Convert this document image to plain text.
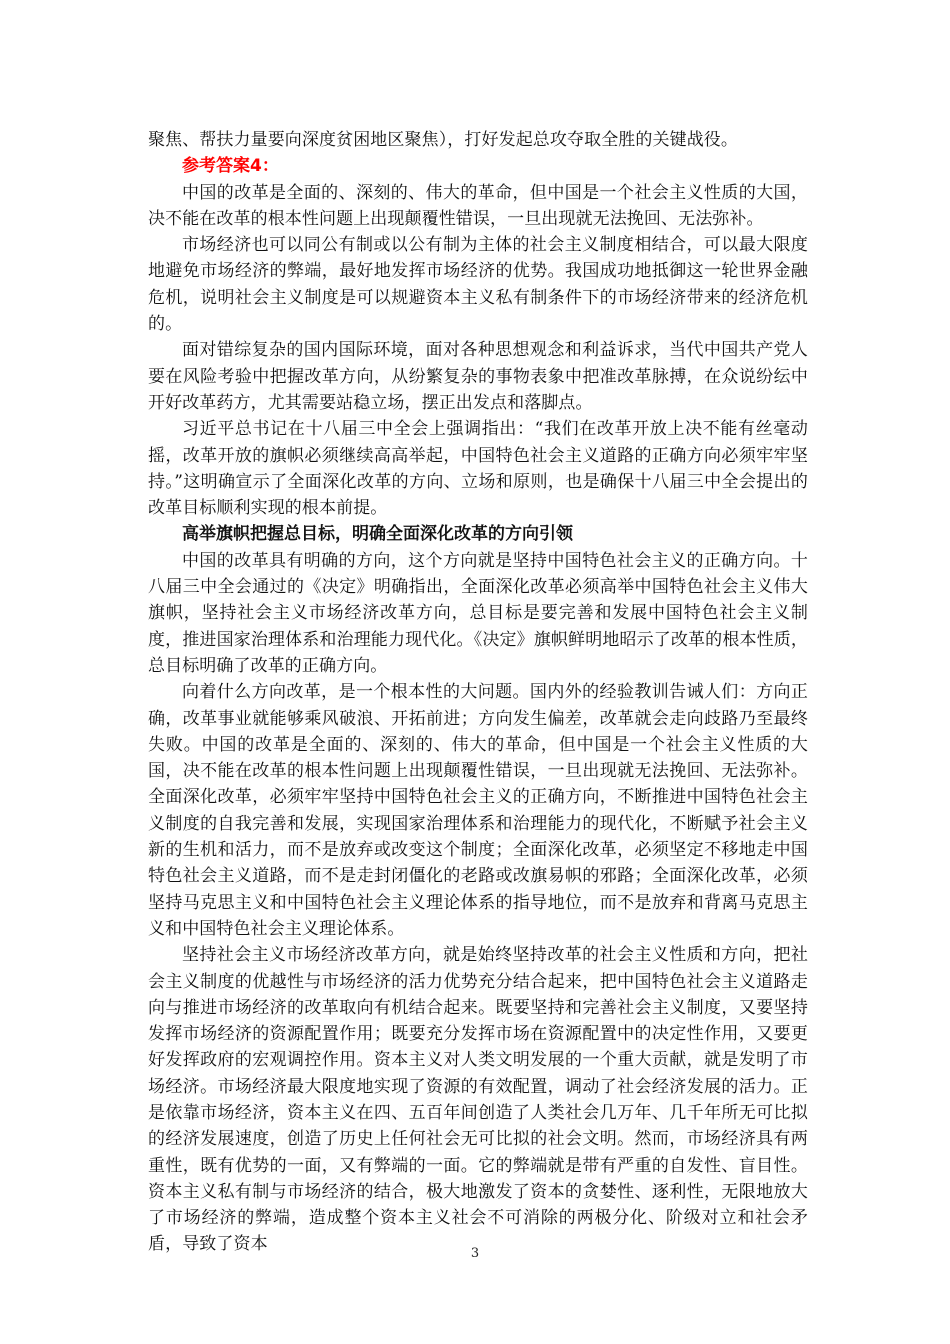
聚焦、帮扶力量要向深度贫困地区聚焦），打好发起总攻夺取全胜的关键战役。

参考答案4：

中国的改革是全面的、深刻的、伟大的革命，但中国是一个社会主义性质的大国，决不能在改革的根本性问题上出现颠覆性错误，一旦出现就无法挽回、无法弥补。

市场经济也可以同公有制或以公有制为主体的社会主义制度相结合，可以最大限度地避免市场经济的弊端，最好地发挥市场经济的优势。我国成功地抵御这一轮世界金融危机，说明社会主义制度是可以规避资本主义私有制条件下的市场经济带来的经济危机的。

面对错综复杂的国内国际环境，面对各种思想观念和利益诉求，当代中国共产党人要在风险考验中把握改革方向，从纷繁复杂的事物表象中把准改革脉搏，在众说纷纭中开好改革药方，尤其需要站稳立场，摆正出发点和落脚点。

习近平总书记在十八届三中全会上强调指出：“我们在改革开放上决不能有丝毫动摇，改革开放的旗帜必须继续高高举起，中国特色社会主义道路的正确方向必须牢牢坚持。”这明确宣示了全面深化改革的方向、立场和原则，也是确保十八届三中全会提出的改革目标顺利实现的根本前提。

高举旗帜把握总目标，明确全面深化改革的方向引领

中国的改革具有明确的方向，这个方向就是坚持中国特色社会主义的正确方向。十八届三中全会通过的《决定》明确指出，全面深化改革必须高举中国特色社会主义伟大旗帜，坚持社会主义市场经济改革方向，总目标是要完善和发展中国特色社会主义制度，推进国家治理体系和治理能力现代化。《决定》旗帜鲜明地昭示了改革的根本性质，总目标明确了改革的正确方向。

向着什么方向改革，是一个根本性的大问题。国内外的经验教训告诫人们：方向正确，改革事业就能够乘风破浪、开拓前进；方向发生偏差，改革就会走向歧路乃至最终失败。中国的改革是全面的、深刻的、伟大的革命，但中国是一个社会主义性质的大国，决不能在改革的根本性问题上出现颠覆性错误，一旦出现就无法挽回、无法弥补。全面深化改革，必须牢牢坚持中国特色社会主义的正确方向，不断推进中国特色社会主义制度的自我完善和发展，实现国家治理体系和治理能力的现代化，不断赋予社会主义新的生机和活力，而不是放弃或改变这个制度；全面深化改革，必须坚定不移地走中国特色社会主义道路，而不是走封闭僵化的老路或改旗易帜的邪路；全面深化改革，必须坚持马克思主义和中国特色社会主义理论体系的指导地位，而不是放弃和背离马克思主义和中国特色社会主义理论体系。

坚持社会主义市场经济改革方向，就是始终坚持改革的社会主义性质和方向，把社会主义制度的优越性与市场经济的活力优势充分结合起来，把中国特色社会主义道路走向与推进市场经济的改革取向有机结合起来。既要坚持和完善社会主义制度，又要坚持发挥市场经济的资源配置作用；既要充分发挥市场在资源配置中的决定性作用，又要更好发挥政府的宏观调控作用。资本主义对人类文明发展的一个重大贡献，就是发明了市场经济。市场经济最大限度地实现了资源的有效配置，调动了社会经济发展的活力。正是依靠市场经济，资本主义在四、五百年间创造了人类社会几万年、几千年所无可比拟的经济发展速度，创造了历史上任何社会无可比拟的社会文明。然而，市场经济具有两重性，既有优势的一面，又有弊端的一面。它的弊端就是带有严重的自发性、盲目性。资本主义私有制与市场经济的结合，极大地激发了资本的贪婪性、逐利性，无限地放大了市场经济的弊端，造成整个资本主义社会不可消除的两极分化、阶级对立和社会矛盾，导致了资本	3
